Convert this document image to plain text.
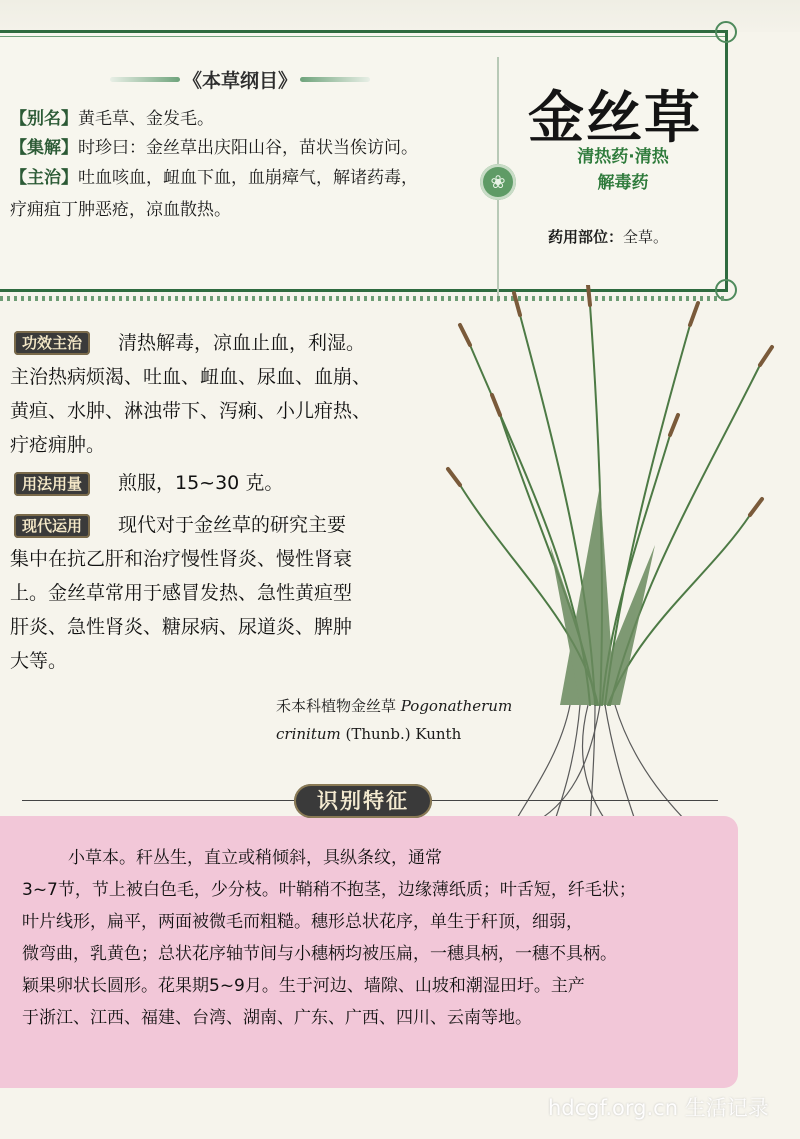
《本草纲目》
【别名】黄毛草、金发毛。
【集解】时珍曰：金丝草出庆阳山谷，苗状当俟访问。
【主治】吐血咳血，衄血下血，血崩瘴气，解诸药毒，
疗痈疽丁肿恶疮，凉血散热。
金丝草
❀
清热药·清热
解毒药
药用部位：全草。
功效主治	清热解毒，凉血止血，利湿。
主治热病烦渴、吐血、衄血、尿血、血崩、
黄疸、水肿、淋浊带下、泻痢、小儿疳热、
疔疮痈肿。
用法用量	煎服，15~30 克。
现代运用	现代对于金丝草的研究主要
集中在抗乙肝和治疗慢性肾炎、慢性肾衰
上。金丝草常用于感冒发热、急性黄疸型
肝炎、急性肾炎、糖尿病、尿道炎、脾肿
大等。
禾本科植物金丝草 Pogonatherum
crinitum (Thunb.) Kunth
识别特征
小草本。秆丛生，直立或稍倾斜，具纵条纹，通常
3~7节，节上被白色毛，少分枝。叶鞘稍不抱茎，边缘薄纸质；叶舌短，纤毛状；
叶片线形，扁平，两面被微毛而粗糙。穗形总状花序，单生于秆顶，细弱，
微弯曲，乳黄色；总状花序轴节间与小穗柄均被压扁，一穗具柄，一穗不具柄。
颖果卵状长圆形。花果期5~9月。生于河边、墙隙、山坡和潮湿田圩。主产
于浙江、江西、福建、台湾、湖南、广东、广西、四川、云南等地。
hdcgf.org.cn 生活记录
